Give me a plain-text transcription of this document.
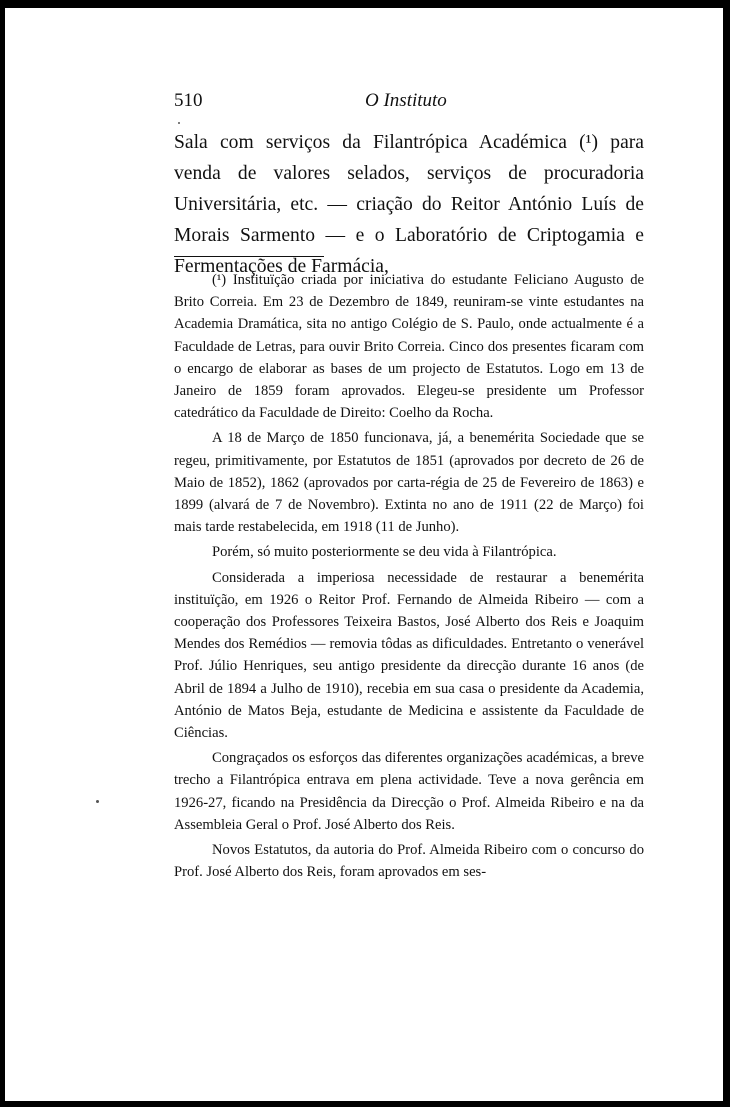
510	O Instituto

Sala com serviços da Filantrópica Académica (¹) para venda de valores selados, serviços de procuradoria Universitária, etc. — criação do Reitor António Luís de Morais Sarmento — e o Laboratório de Criptogamia e Fermentações de Farmácia,

(¹) Instituïção criada por iniciativa do estudante Feliciano Augusto de Brito Correia. Em 23 de Dezembro de 1849, reuniram-se vinte estudantes na Academia Dramática, sita no antigo Colégio de S. Paulo, onde actualmente é a Faculdade de Letras, para ouvir Brito Correia. Cinco dos presentes ficaram com o encargo de elaborar as bases de um projecto de Estatutos. Logo em 13 de Janeiro de 1859 foram aprovados. Elegeu-se presidente um Professor catedrático da Faculdade de Direito: Coelho da Rocha.

A 18 de Março de 1850 funcionava, já, a benemérita Sociedade que se regeu, primitivamente, por Estatutos de 1851 (aprovados por decreto de 26 de Maio de 1852), 1862 (aprovados por carta-régia de 25 de Fevereiro de 1863) e 1899 (alvará de 7 de Novembro). Extinta no ano de 1911 (22 de Março) foi mais tarde restabelecida, em 1918 (11 de Junho).

Porém, só muito posteriormente se deu vida à Filantrópica.

Considerada a imperiosa necessidade de restaurar a benemérita instituïção, em 1926 o Reitor Prof. Fernando de Almeida Ribeiro — com a cooperação dos Professores Teixeira Bastos, José Alberto dos Reis e Joaquim Mendes dos Remédios — removia tôdas as dificuldades. Entretanto o venerável Prof. Júlio Henriques, seu antigo presidente da direcção durante 16 anos (de Abril de 1894 a Julho de 1910), recebia em sua casa o presidente da Academia, António de Matos Beja, estudante de Medicina e assistente da Faculdade de Ciências.

Congraçados os esforços das diferentes organizações académicas, a breve trecho a Filantrópica entrava em plena actividade. Teve a nova gerência em 1926-27, ficando na Presidência da Direcção o Prof. Almeida Ribeiro e na da Assembleia Geral o Prof. José Alberto dos Reis.

Novos Estatutos, da autoria do Prof. Almeida Ribeiro com o concurso do Prof. José Alberto dos Reis, foram aprovados em ses-
